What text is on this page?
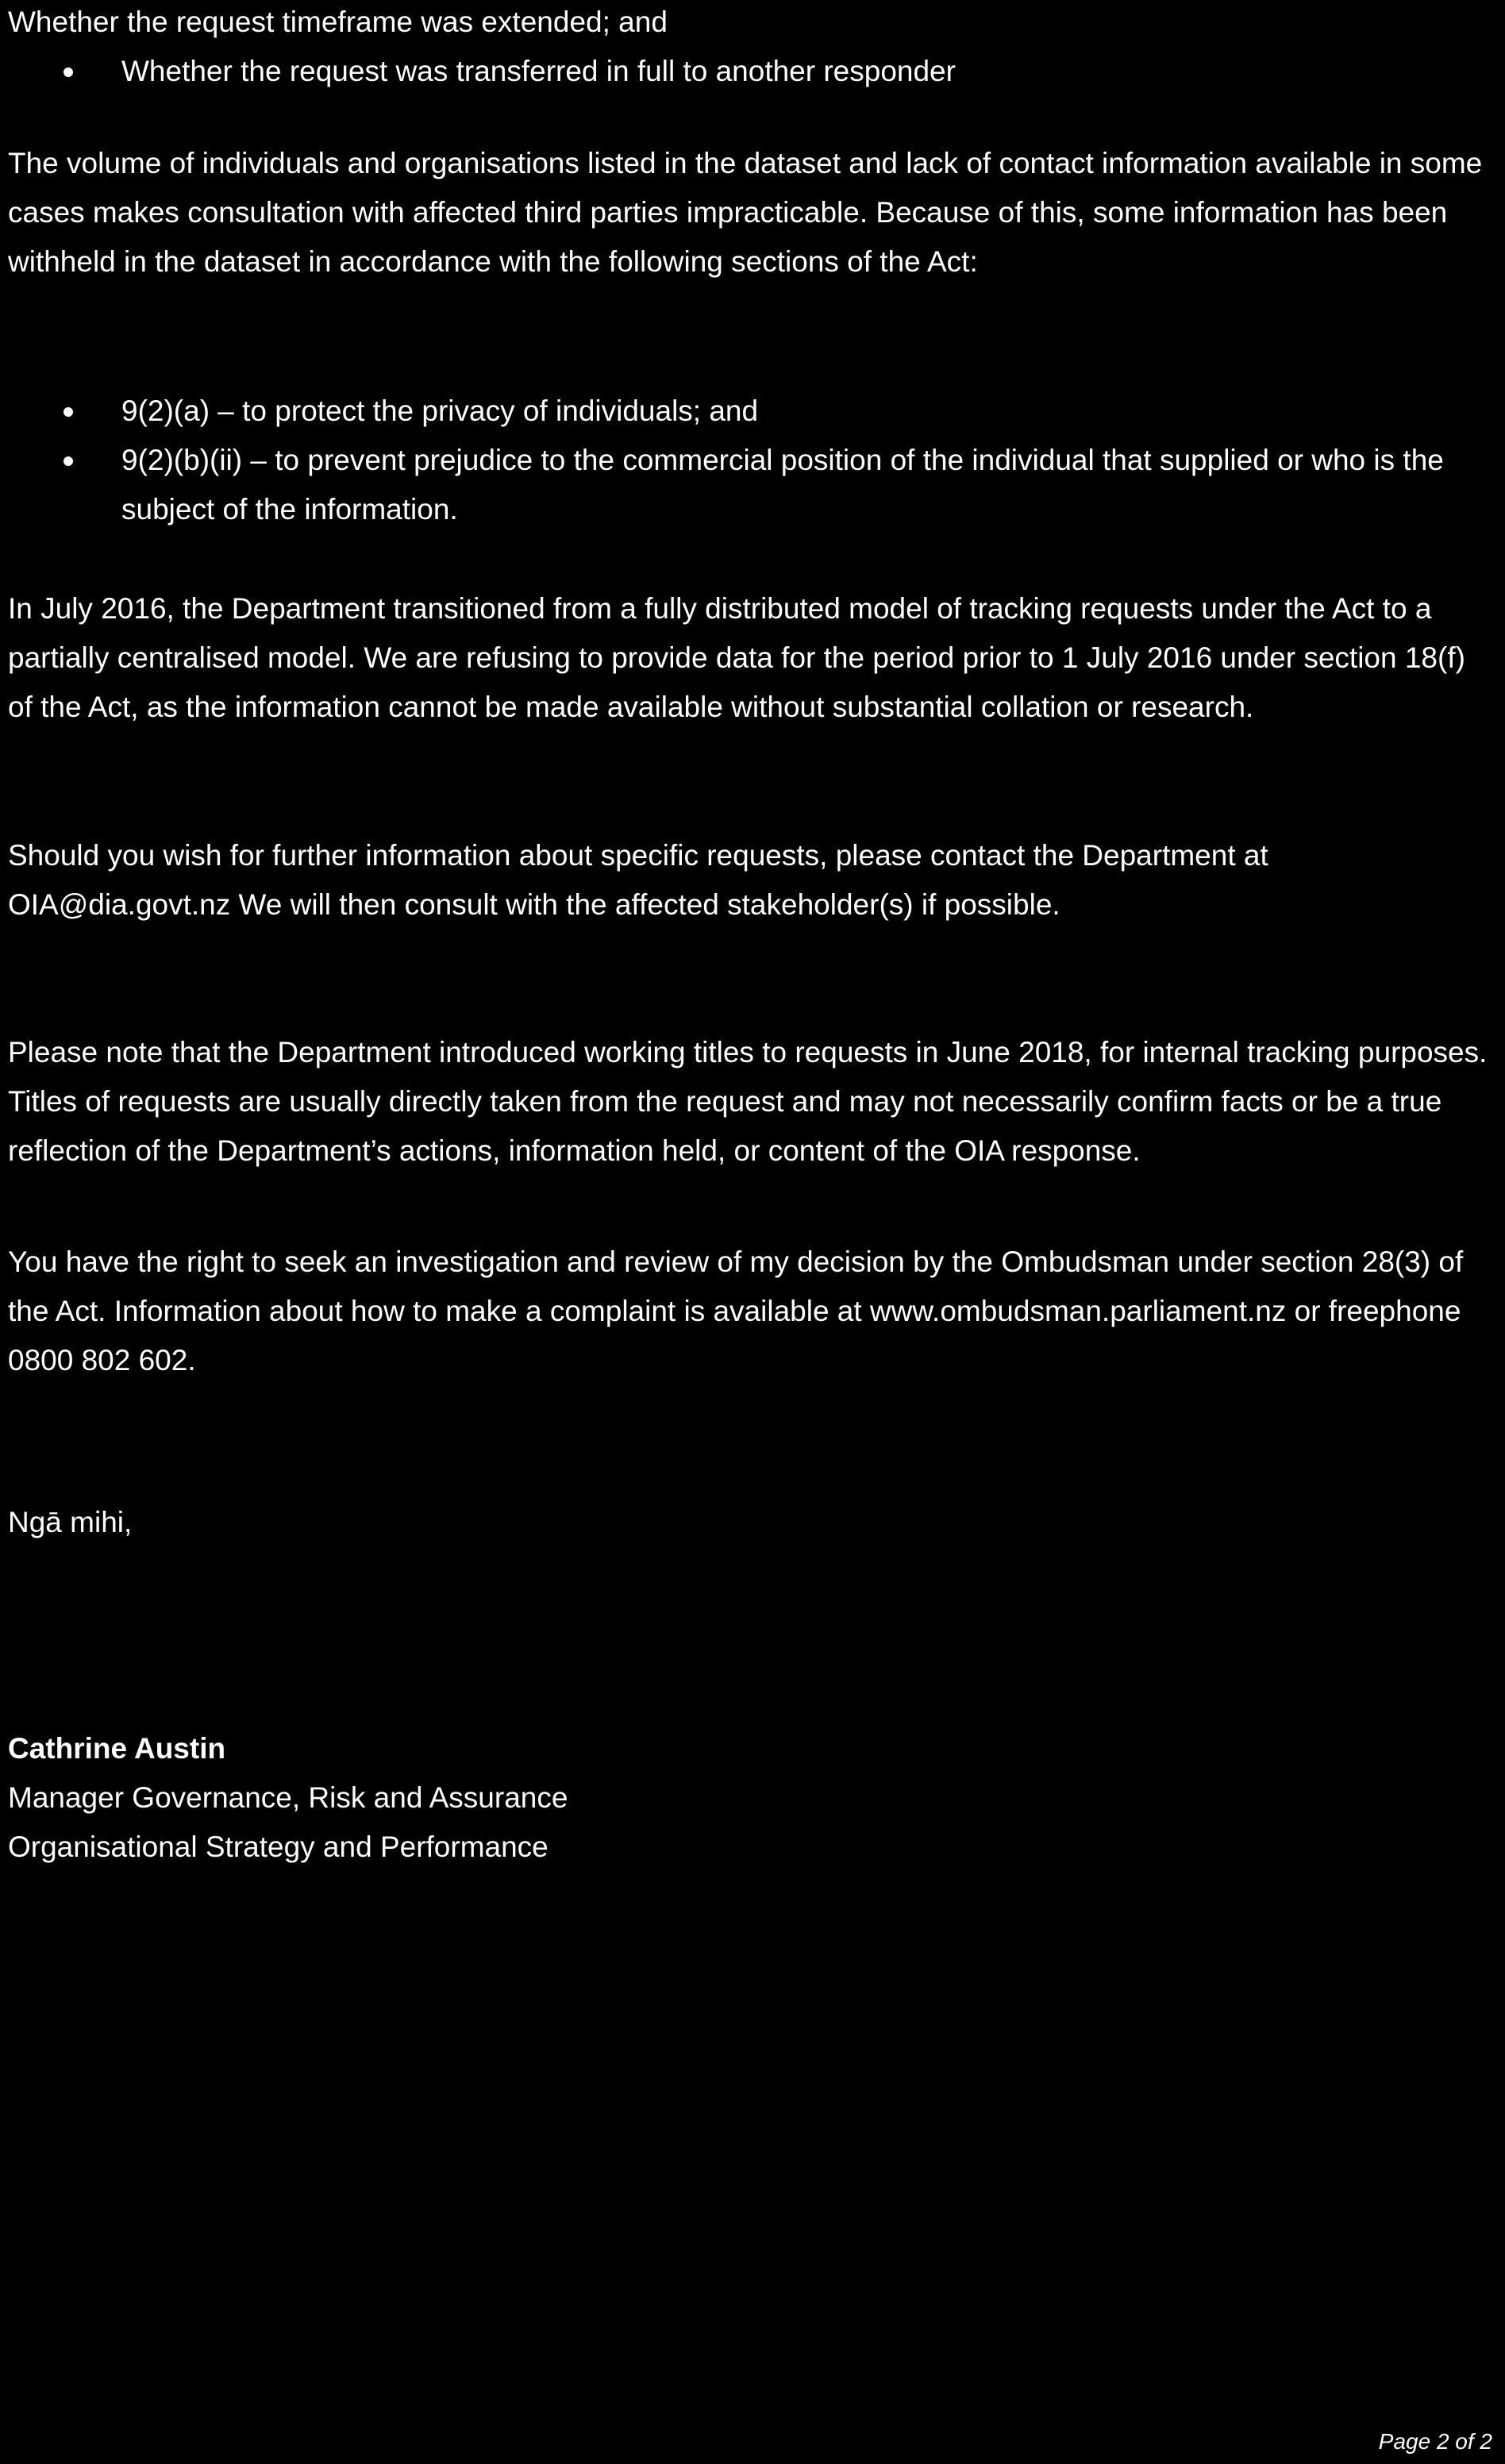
Whether the request timeframe was extended; and
Whether the request was transferred in full to another responder

The volume of individuals and organisations listed in the dataset and lack of contact information available in some cases makes consultation with affected third parties impracticable. Because of this, some information has been withheld in the dataset in accordance with the following sections of the Act:

9(2)(a) – to protect the privacy of individuals; and
9(2)(b)(ii) – to prevent prejudice to the commercial position of the individual that supplied or who is the subject of the information.

In July 2016, the Department transitioned from a fully distributed model of tracking requests under the Act to a partially centralised model. We are refusing to provide data for the period prior to 1 July 2016 under section 18(f) of the Act, as the information cannot be made available without substantial collation or research.

Should you wish for further information about specific requests, please contact the Department at OIA@dia.govt.nz We will then consult with the affected stakeholder(s) if possible.

Please note that the Department introduced working titles to requests in June 2018, for internal tracking purposes. Titles of requests are usually directly taken from the request and may not necessarily confirm facts or be a true reflection of the Department’s actions, information held, or content of the OIA response.

You have the right to seek an investigation and review of my decision by the Ombudsman under section 28(3) of the Act. Information about how to make a complaint is available at www.ombudsman.parliament.nz or freephone 0800 802 602.

Ngā mihi,

Cathrine Austin
Manager Governance, Risk and Assurance
Organisational Strategy and Performance
Page 2 of 2
